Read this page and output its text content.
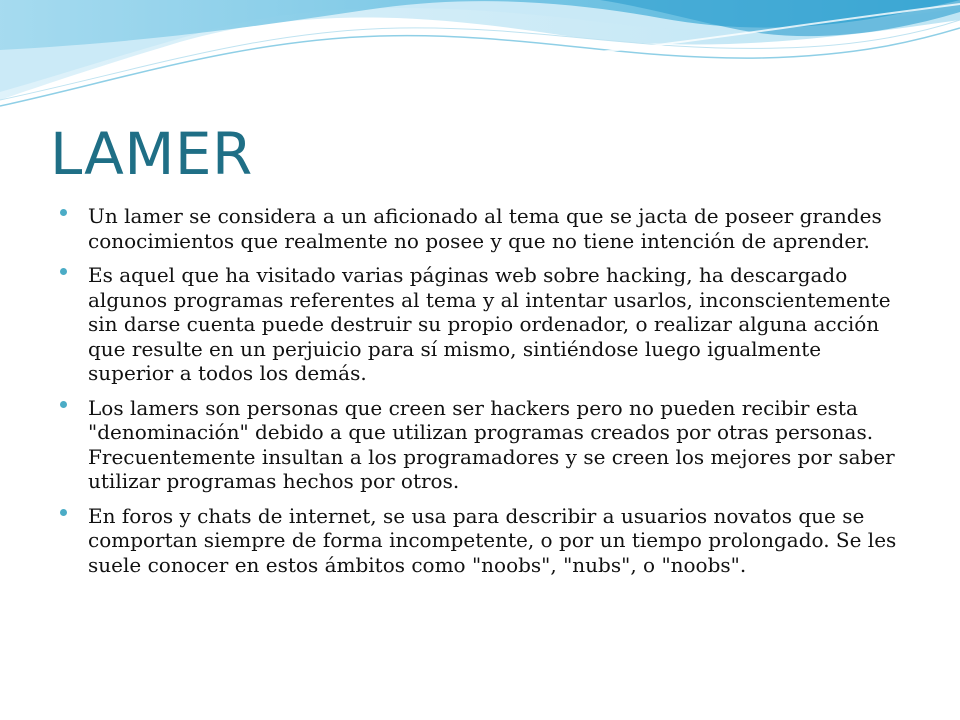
LAMER
Un lamer se considera a un aficionado al tema que se jacta de poseer grandes conocimientos que realmente no posee y que no tiene intención de aprender.
Es aquel que ha visitado varias páginas web sobre hacking, ha descargado algunos programas referentes al tema y al intentar usarlos, inconscientemente sin darse cuenta puede destruir su propio ordenador, o realizar alguna acción que resulte en un perjuicio para sí mismo, sintiéndose luego igualmente superior a todos los demás.
Los lamers son personas que creen ser hackers pero no pueden recibir esta "denominación" debido a que utilizan programas creados por otras personas. Frecuentemente insultan a los programadores y se creen los mejores por saber utilizar programas hechos por otros.
En foros y chats de internet, se usa para describir a usuarios novatos que se comportan siempre de forma incompetente, o por un tiempo prolongado. Se les suele conocer en estos ámbitos como "noobs", "nubs", o "noobs".
